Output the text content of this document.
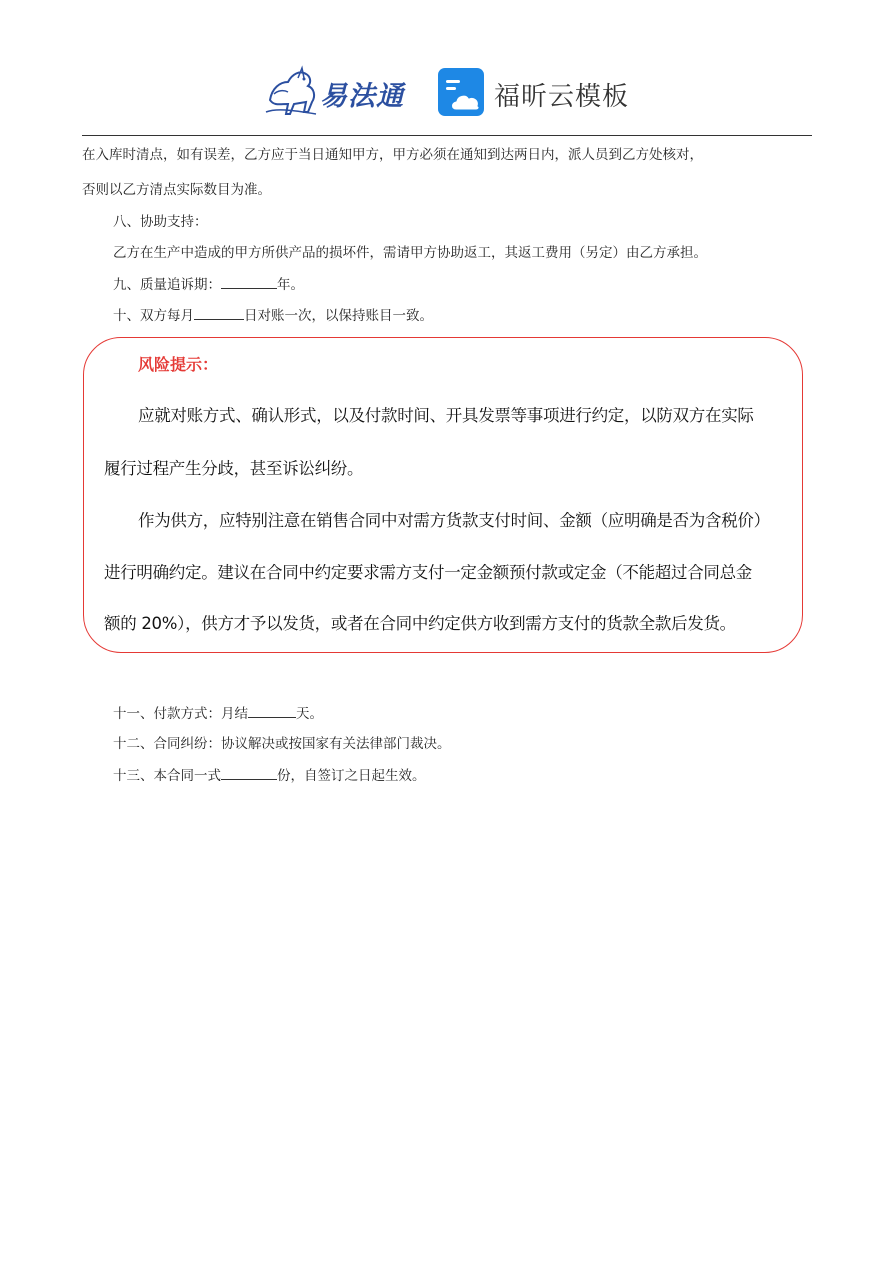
易法通	福昕云模板
在入库时清点，如有误差，乙方应于当日通知甲方，甲方必须在通知到达两日内，派人员到乙方处核对，
否则以乙方清点实际数目为准。
八、协助支持：
乙方在生产中造成的甲方所供产品的损坏件，需请甲方协助返工，其返工费用（另定）由乙方承担。
九、质量追诉期：	年。
十、双方每月	日对账一次，以保持账目一致。
风险提示：
应就对账方式、确认形式，以及付款时间、开具发票等事项进行约定，以防双方在实际
履行过程产生分歧，甚至诉讼纠纷。
作为供方，应特别注意在销售合同中对需方货款支付时间、金额（应明确是否为含税价）
进行明确约定。建议在合同中约定要求需方支付一定金额预付款或定金（不能超过合同总金
额的 20%），供方才予以发货，或者在合同中约定供方收到需方支付的货款全款后发货。
十一、付款方式：月结	天。
十二、合同纠纷：协议解决或按国家有关法律部门裁决。
十三、本合同一式	份，自签订之日起生效。
